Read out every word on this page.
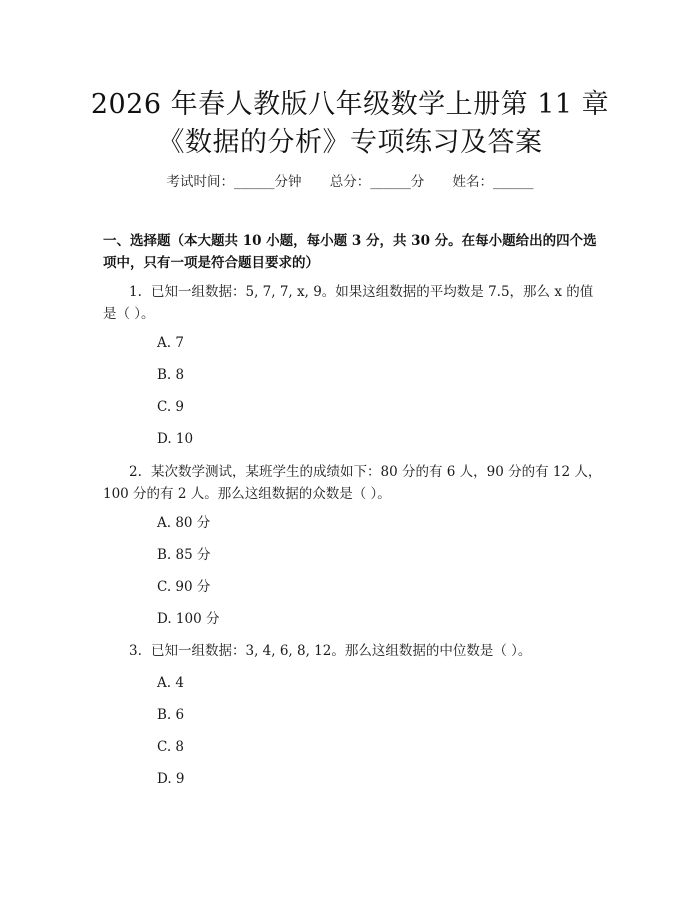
2026 年春人教版八年级数学上册第 11 章
《数据的分析》专项练习及答案
考试时间：______分钟 总分：______分 姓名：______
一、选择题（本大题共 10 小题，每小题 3 分，共 30 分。在每小题给出的四个选项中，只有一项是符合题目要求的）
1. 已知一组数据：5, 7, 7, x, 9。如果这组数据的平均数是 7.5，那么 x 的值是（ ）。
A. 7
B. 8
C. 9
D. 10
2. 某次数学测试，某班学生的成绩如下：80 分的有 6 人，90 分的有 12 人，100 分的有 2 人。那么这组数据的众数是（ ）。
A. 80 分
B. 85 分
C. 90 分
D. 100 分
3. 已知一组数据：3, 4, 6, 8, 12。那么这组数据的中位数是（ ）。
A. 4
B. 6
C. 8
D. 9
